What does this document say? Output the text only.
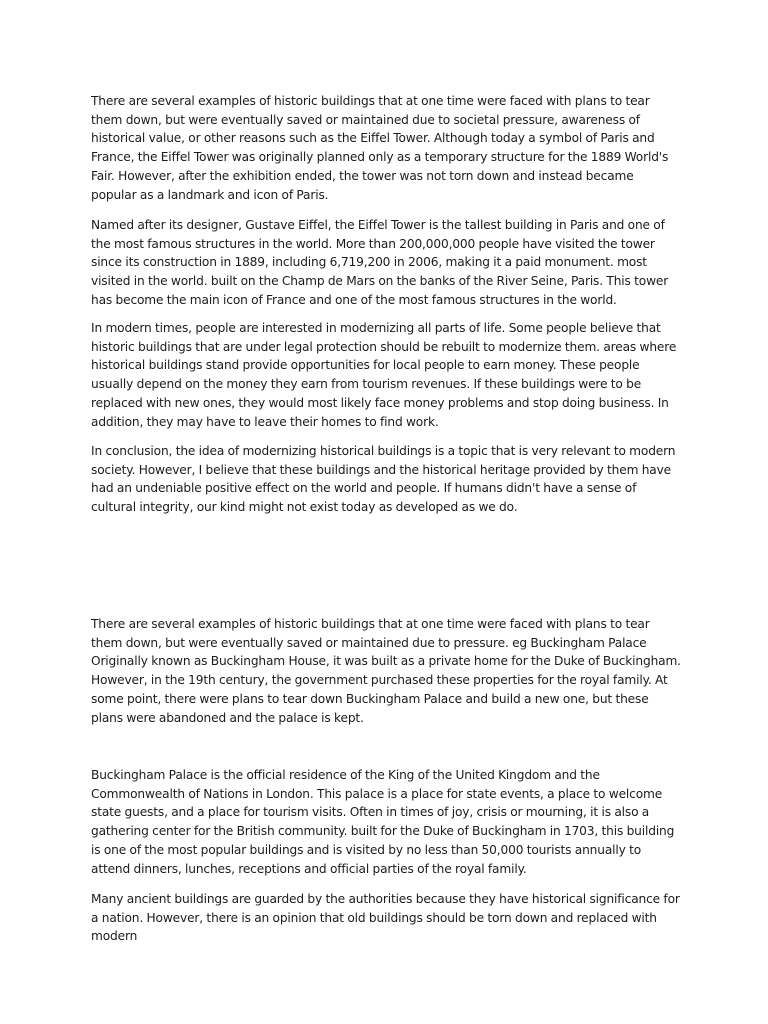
There are several examples of historic buildings that at one time were faced with plans to tear them down, but were eventually saved or maintained due to societal pressure, awareness of historical value, or other reasons such as the Eiffel Tower. Although today a symbol of Paris and France, the Eiffel Tower was originally planned only as a temporary structure for the 1889 World's Fair. However, after the exhibition ended, the tower was not torn down and instead became popular as a landmark and icon of Paris.

Named after its designer, Gustave Eiffel, the Eiffel Tower is the tallest building in Paris and one of the most famous structures in the world. More than 200,000,000 people have visited the tower since its construction in 1889, including 6,719,200 in 2006, making it a paid monument. most visited in the world. built on the Champ de Mars on the banks of the River Seine, Paris. This tower has become the main icon of France and one of the most famous structures in the world.

In modern times, people are interested in modernizing all parts of life. Some people believe that historic buildings that are under legal protection should be rebuilt to modernize them. areas where historical buildings stand provide opportunities for local people to earn money. These people usually depend on the money they earn from tourism revenues. If these buildings were to be replaced with new ones, they would most likely face money problems and stop doing business. In addition, they may have to leave their homes to find work.

In conclusion, the idea of modernizing historical buildings is a topic that is very relevant to modern society. However, I believe that these buildings and the historical heritage provided by them have had an undeniable positive effect on the world and people. If humans didn't have a sense of cultural integrity, our kind might not exist today as developed as we do.

There are several examples of historic buildings that at one time were faced with plans to tear them down, but were eventually saved or maintained due to pressure. eg Buckingham Palace Originally known as Buckingham House, it was built as a private home for the Duke of Buckingham. However, in the 19th century, the government purchased these properties for the royal family. At some point, there were plans to tear down Buckingham Palace and build a new one, but these plans were abandoned and the palace is kept.

Buckingham Palace is the official residence of the King of the United Kingdom and the Commonwealth of Nations in London. This palace is a place for state events, a place to welcome state guests, and a place for tourism visits. Often in times of joy, crisis or mourning, it is also a gathering center for the British community. built for the Duke of Buckingham in 1703, this building is one of the most popular buildings and is visited by no less than 50,000 tourists annually to attend dinners, lunches, receptions and official parties of the royal family.

Many ancient buildings are guarded by the authorities because they have historical significance for a nation. However, there is an opinion that old buildings should be torn down and replaced with modern
